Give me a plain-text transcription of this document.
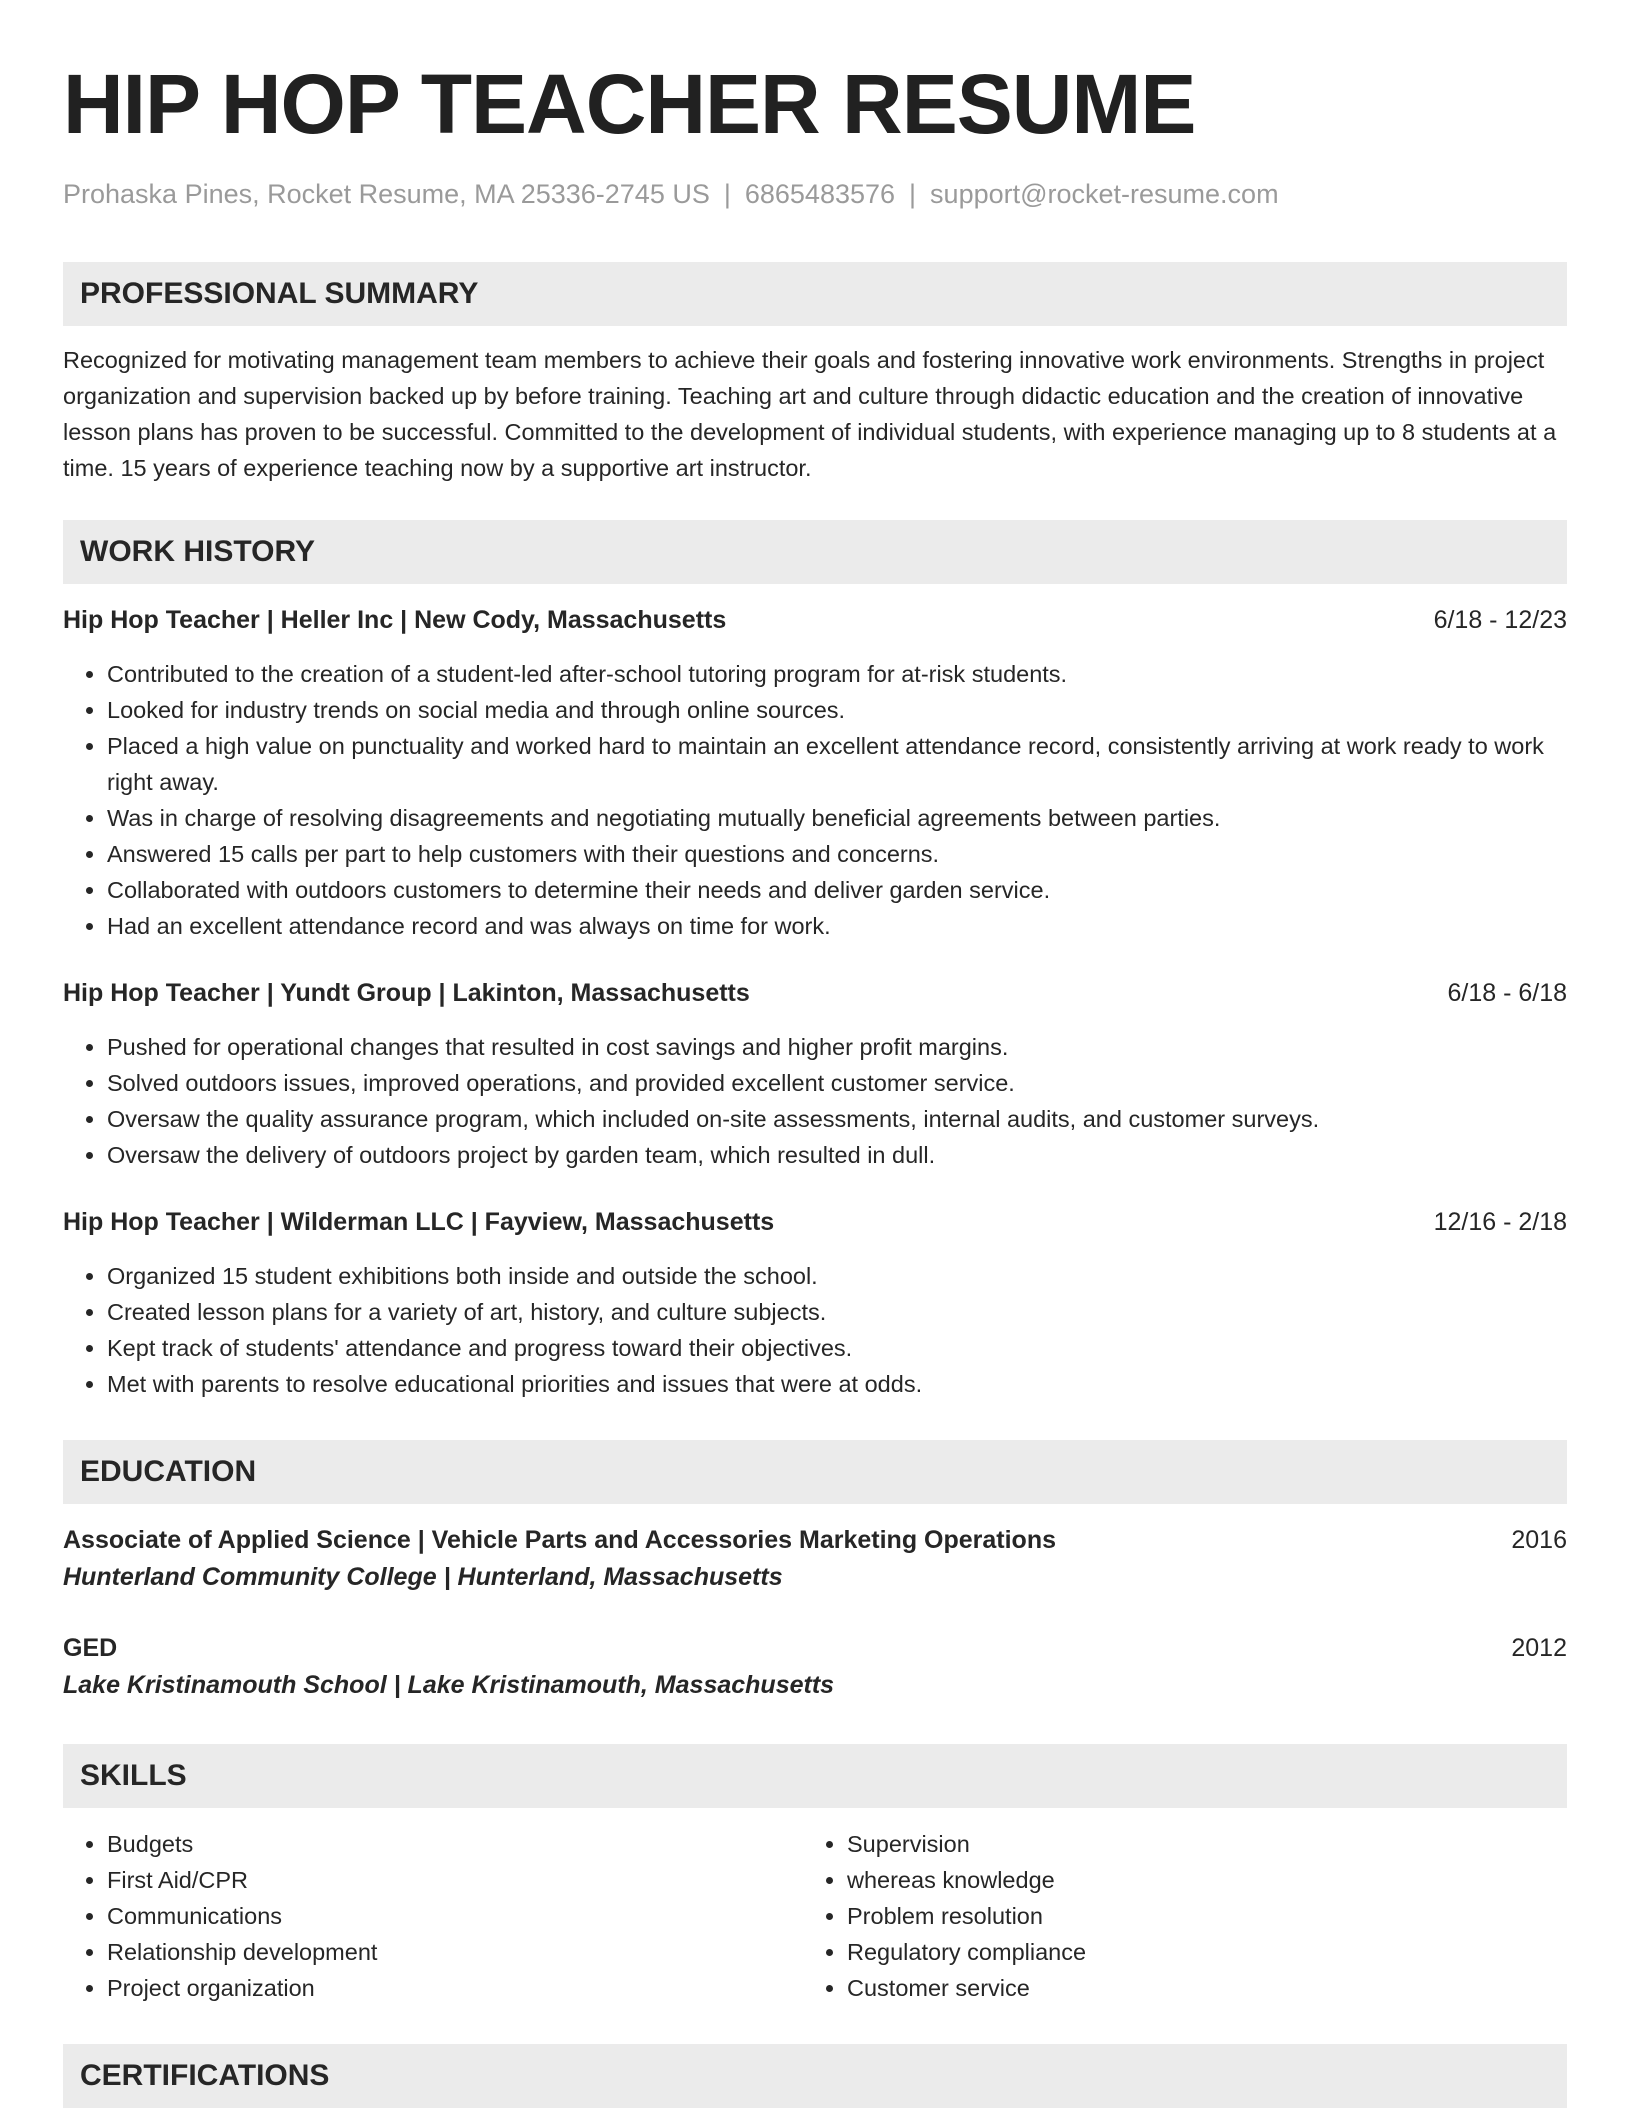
HIP HOP TEACHER RESUME
Prohaska Pines, Rocket Resume, MA 25336-2745 US | 6865483576 | support@rocket-resume.com
PROFESSIONAL SUMMARY
Recognized for motivating management team members to achieve their goals and fostering innovative work environments. Strengths in project organization and supervision backed up by before training. Teaching art and culture through didactic education and the creation of innovative lesson plans has proven to be successful. Committed to the development of individual students, with experience managing up to 8 students at a time. 15 years of experience teaching now by a supportive art instructor.
WORK HISTORY
Hip Hop Teacher | Heller Inc | New Cody, Massachusetts	6/18 - 12/23
• Contributed to the creation of a student-led after-school tutoring program for at-risk students.
• Looked for industry trends on social media and through online sources.
• Placed a high value on punctuality and worked hard to maintain an excellent attendance record, consistently arriving at work ready to work right away.
• Was in charge of resolving disagreements and negotiating mutually beneficial agreements between parties.
• Answered 15 calls per part to help customers with their questions and concerns.
• Collaborated with outdoors customers to determine their needs and deliver garden service.
• Had an excellent attendance record and was always on time for work.
Hip Hop Teacher | Yundt Group | Lakinton, Massachusetts	6/18 - 6/18
• Pushed for operational changes that resulted in cost savings and higher profit margins.
• Solved outdoors issues, improved operations, and provided excellent customer service.
• Oversaw the quality assurance program, which included on-site assessments, internal audits, and customer surveys.
• Oversaw the delivery of outdoors project by garden team, which resulted in dull.
Hip Hop Teacher | Wilderman LLC | Fayview, Massachusetts	12/16 - 2/18
• Organized 15 student exhibitions both inside and outside the school.
• Created lesson plans for a variety of art, history, and culture subjects.
• Kept track of students' attendance and progress toward their objectives.
• Met with parents to resolve educational priorities and issues that were at odds.
EDUCATION
Associate of Applied Science | Vehicle Parts and Accessories Marketing Operations	2016
Hunterland Community College | Hunterland, Massachusetts
GED	2012
Lake Kristinamouth School | Lake Kristinamouth, Massachusetts
SKILLS
• Budgets
• First Aid/CPR
• Communications
• Relationship development
• Project organization
• Supervision
• whereas knowledge
• Problem resolution
• Regulatory compliance
• Customer service
CERTIFICATIONS
